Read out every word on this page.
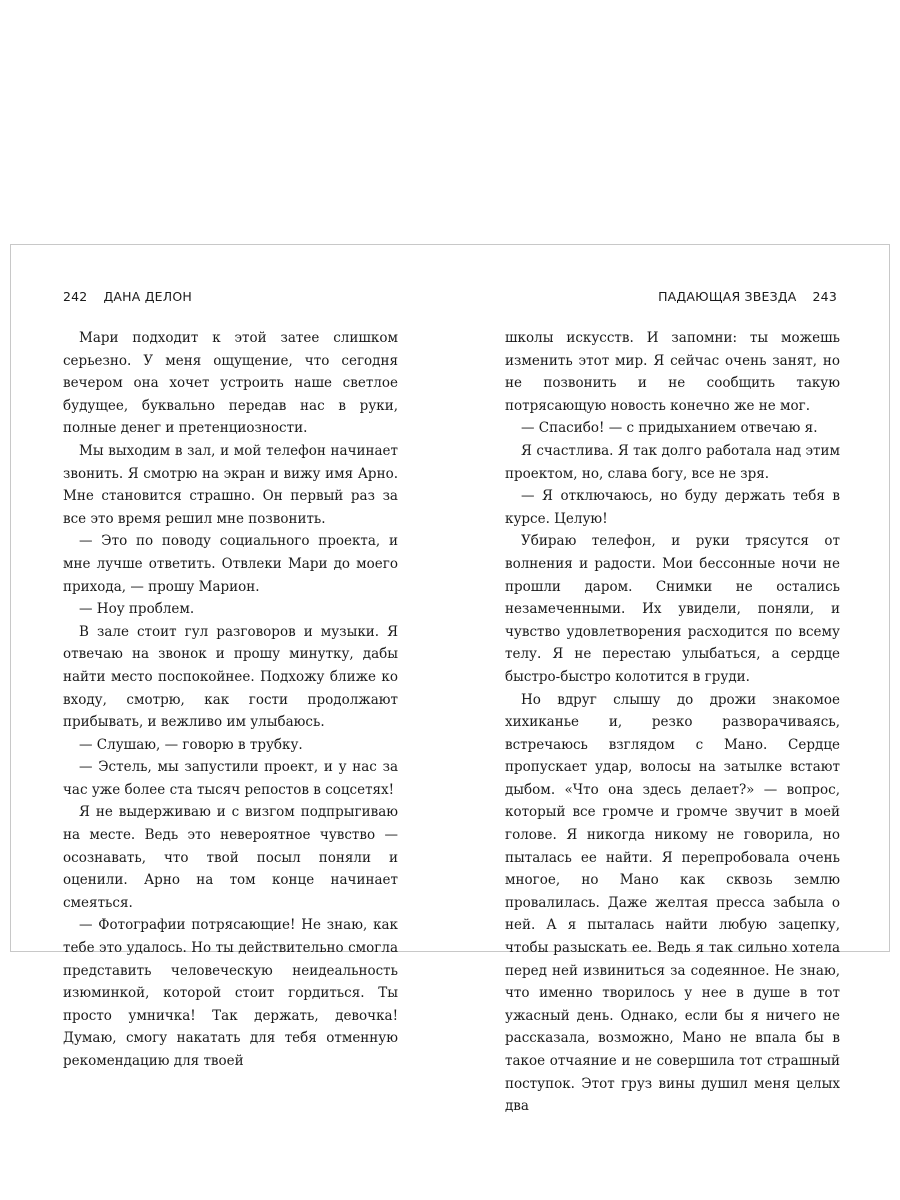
242 ДАНА ДЕЛОН	ПАДАЮЩАЯ ЗВЕЗДА 243

Мари подходит к этой затее слишком серьезно. У меня ощущение, что сегодня вечером она хочет устроить наше светлое будущее, буквально передав нас в руки, полные денег и претенциозности.

Мы выходим в зал, и мой телефон начинает звонить. Я смотрю на экран и вижу имя Арно. Мне становится страшно. Он первый раз за все это время решил мне позвонить.

— Это по поводу социального проекта, и мне лучше ответить. Отвлеки Мари до моего прихода, — прошу Марион.

— Ноу проблем.

В зале стоит гул разговоров и музыки. Я отвечаю на звонок и прошу минутку, дабы найти место поспокойнее. Подхожу ближе ко входу, смотрю, как гости продолжают прибывать, и вежливо им улыбаюсь.

— Слушаю, — говорю в трубку.

— Эстель, мы запустили проект, и у нас за час уже более ста тысяч репостов в соцсетях!

Я не выдерживаю и с визгом подпрыгиваю на месте. Ведь это невероятное чувство — осознавать, что твой посыл поняли и оценили. Арно на том конце начинает смеяться.

— Фотографии потрясающие! Не знаю, как тебе это удалось. Но ты действительно смогла представить человеческую неидеальность изюминкой, которой стоит гордиться. Ты просто умничка! Так держать, девочка! Думаю, смогу накатать для тебя отменную рекомендацию для твоей

школы искусств. И запомни: ты можешь изменить этот мир. Я сейчас очень занят, но не позвонить и не сообщить такую потрясающую новость конечно же не мог.

— Спасибо! — с придыханием отвечаю я.

Я счастлива. Я так долго работала над этим проектом, но, слава богу, все не зря.

— Я отключаюсь, но буду держать тебя в курсе. Целую!

Убираю телефон, и руки трясутся от волнения и радости. Мои бессонные ночи не прошли даром. Снимки не остались незамеченными. Их увидели, поняли, и чувство удовлетворения расходится по всему телу. Я не перестаю улыбаться, а сердце быстро-быстро колотится в груди.

Но вдруг слышу до дрожи знакомое хихиканье и, резко разворачиваясь, встречаюсь взглядом с Мано. Сердце пропускает удар, волосы на затылке встают дыбом. «Что она здесь делает?» — вопрос, который все громче и громче звучит в моей голове. Я никогда никому не говорила, но пыталась ее найти. Я перепробовала очень многое, но Мано как сквозь землю провалилась. Даже желтая пресса забыла о ней. А я пыталась найти любую зацепку, чтобы разыскать ее. Ведь я так сильно хотела перед ней извиниться за содеянное. Не знаю, что именно творилось у нее в душе в тот ужасный день. Однако, если бы я ничего не рассказала, возможно, Мано не впала бы в такое отчаяние и не совершила тот страшный поступок. Этот груз вины душил меня целых два
